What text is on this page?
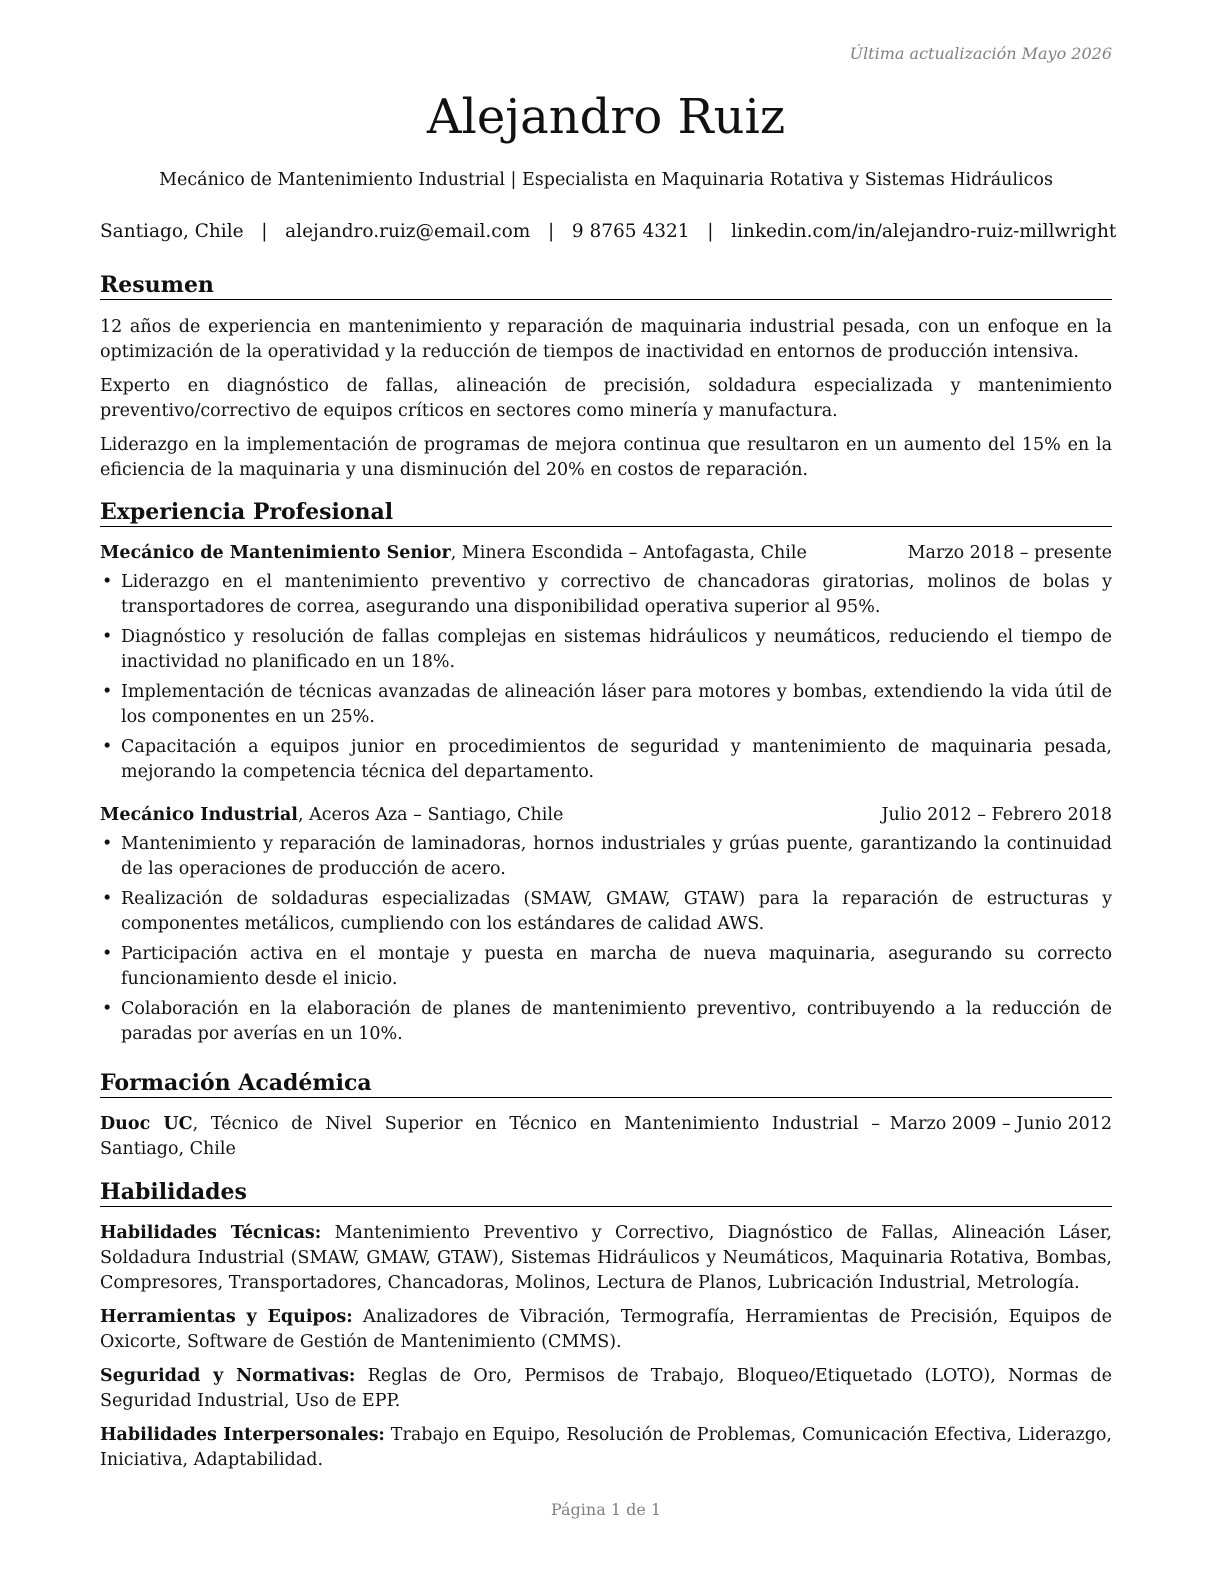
Última actualización Mayo 2026
Alejandro Ruiz
Mecánico de Mantenimiento Industrial | Especialista en Maquinaria Rotativa y Sistemas Hidráulicos
Santiago, Chile | alejandro.ruiz@email.com | 9 8765 4321 | linkedin.com/in/alejandro-ruiz-millwright
Resumen

12 años de experiencia en mantenimiento y reparación de maquinaria industrial pesada, con un enfoque en la optimización de la operatividad y la reducción de tiempos de inactividad en entornos de producción intensiva.

Experto en diagnóstico de fallas, alineación de precisión, soldadura especializada y mantenimiento preventivo/correctivo de equipos críticos en sectores como minería y manufactura.

Liderazgo en la implementación de programas de mejora continua que resultaron en un aumento del 15% en la eficiencia de la maquinaria y una disminución del 20% en costos de reparación.

Experiencia Profesional
Mecánico de Mantenimiento Senior, Minera Escondida – Antofagasta, Chile	Marzo 2018 – presente
• Liderazgo en el mantenimiento preventivo y correctivo de chancadoras giratorias, molinos de bolas y transportadores de correa, asegurando una disponibilidad operativa superior al 95%.
• Diagnóstico y resolución de fallas complejas en sistemas hidráulicos y neumáticos, reduciendo el tiempo de inactividad no planificado en un 18%.
• Implementación de técnicas avanzadas de alineación láser para motores y bombas, extendiendo la vida útil de los componentes en un 25%.
• Capacitación a equipos junior en procedimientos de seguridad y mantenimiento de maquinaria pesada, mejorando la competencia técnica del departamento.
Mecánico Industrial, Aceros Aza – Santiago, Chile	Julio 2012 – Febrero 2018
• Mantenimiento y reparación de laminadoras, hornos industriales y grúas puente, garantizando la continuidad de las operaciones de producción de acero.
• Realización de soldaduras especializadas (SMAW, GMAW, GTAW) para la reparación de estructuras y componentes metálicos, cumpliendo con los estándares de calidad AWS.
• Participación activa en el montaje y puesta en marcha de nueva maquinaria, asegurando su correcto funcionamiento desde el inicio.
• Colaboración en la elaboración de planes de mantenimiento preventivo, contribuyendo a la reducción de paradas por averías en un 10%.
Formación Académica

Duoc UC, Técnico de Nivel Superior en Técnico en Mantenimiento Industrial – Santiago, Chile

Marzo 2009 – Junio 2012
Habilidades

Habilidades Técnicas: Mantenimiento Preventivo y Correctivo, Diagnóstico de Fallas, Alineación Láser, Soldadura Industrial (SMAW, GMAW, GTAW), Sistemas Hidráulicos y Neumáticos, Maquinaria Rotativa, Bombas, Compresores, Transportadores, Chancadoras, Molinos, Lectura de Planos, Lubricación Industrial, Metrología.

Herramientas y Equipos: Analizadores de Vibración, Termografía, Herramientas de Precisión, Equipos de Oxicorte, Software de Gestión de Mantenimiento (CMMS).

Seguridad y Normativas: Reglas de Oro, Permisos de Trabajo, Bloqueo/Etiquetado (LOTO), Normas de Seguridad Industrial, Uso de EPP.

Habilidades Interpersonales: Trabajo en Equipo, Resolución de Problemas, Comunicación Efectiva, Liderazgo, Iniciativa, Adaptabilidad.

Página 1 de 1
